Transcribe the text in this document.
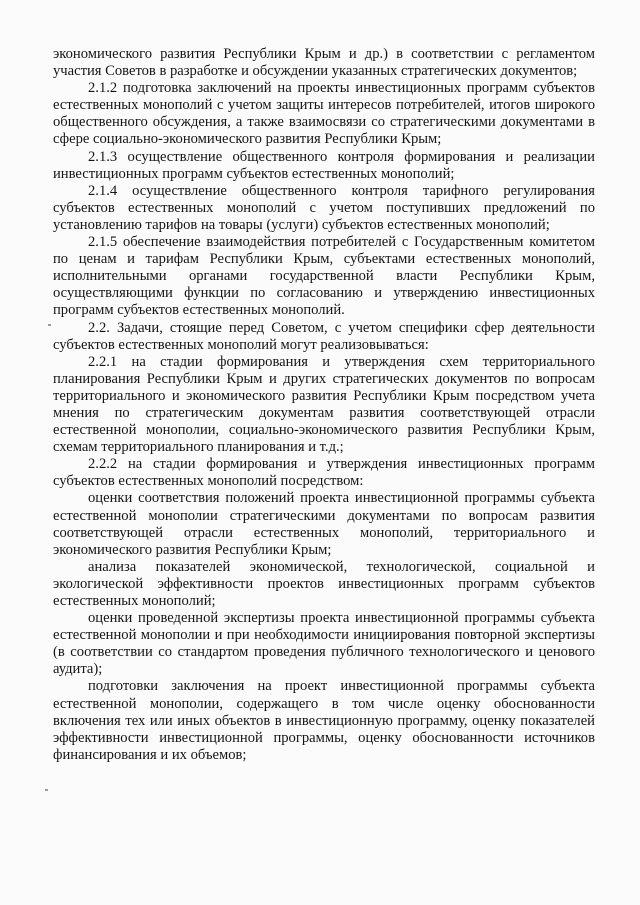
экономического развития Республики Крым и др.) в соответствии с регламентом участия Советов в разработке и обсуждении указанных стратегических документов;

2.1.2 подготовка заключений на проекты инвестиционных программ субъектов естественных монополий с учетом защиты интересов потребителей, итогов широкого общественного обсуждения, а также взаимосвязи со стратегическими документами в сфере социально-экономического развития Республики Крым;

2.1.3 осуществление общественного контроля формирования и реализации инвестиционных программ субъектов естественных монополий;

2.1.4 осуществление общественного контроля тарифного регулирования субъектов естественных монополий с учетом поступивших предложений по установлению тарифов на товары (услуги) субъектов естественных монополий;

2.1.5 обеспечение взаимодействия потребителей с Государственным комитетом по ценам и тарифам Республики Крым, субъектами естественных монополий, исполнительными органами государственной власти Республики Крым, осуществляющими функции по согласованию и утверждению инвестиционных программ субъектов естественных монополий.

2.2. Задачи, стоящие перед Советом, с учетом специфики сфер деятельности субъектов естественных монополий могут реализовываться:

2.2.1 на стадии формирования и утверждения схем территориального планирования Республики Крым и других стратегических документов по вопросам территориального и экономического развития Республики Крым посредством учета мнения по стратегическим документам развития соответствующей отрасли естественной монополии, социально-экономического развития Республики Крым, схемам территориального планирования и т.д.;

2.2.2 на стадии формирования и утверждения инвестиционных программ субъектов естественных монополий посредством:

оценки соответствия положений проекта инвестиционной программы субъекта естественной монополии стратегическими документами по вопросам развития соответствующей отрасли естественных монополий, территориального и экономического развития Республики Крым;

анализа показателей экономической, технологической, социальной и экологической эффективности проектов инвестиционных программ субъектов естественных монополий;

оценки проведенной экспертизы проекта инвестиционной программы субъекта естественной монополии и при необходимости инициирования повторной экспертизы (в соответствии со стандартом проведения публичного технологического и ценового аудита);

подготовки заключения на проект инвестиционной программы субъекта естественной монополии, содержащего в том числе оценку обоснованности включения тех или иных объектов в инвестиционную программу, оценку показателей эффективности инвестиционной программы, оценку обоснованности источников финансирования и их объемов;
